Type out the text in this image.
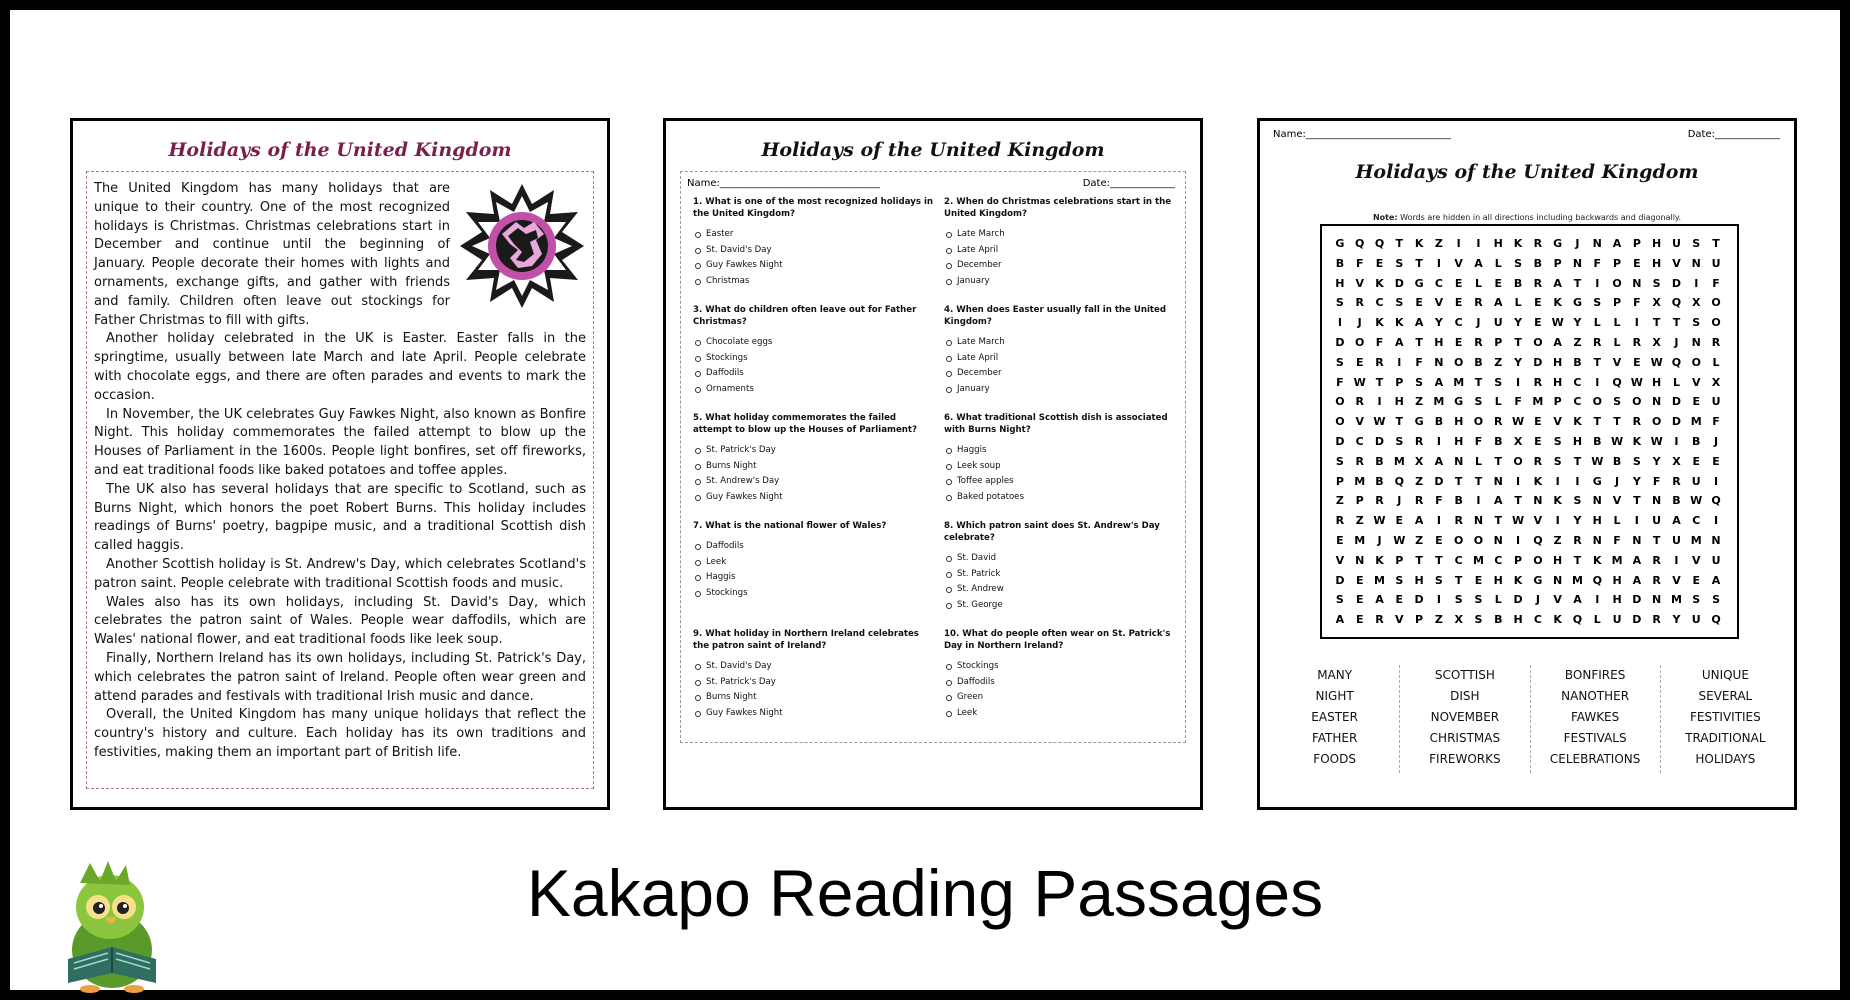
Holidays of the United Kingdom

The United Kingdom has many holidays that are unique to their country. One of the most recognized holidays is Christmas. Christmas celebrations start in December and continue until the beginning of January. People decorate their homes with lights and ornaments, exchange gifts, and gather with friends and family. Children often leave out stockings for Father Christmas to fill with gifts.

Another holiday celebrated in the UK is Easter. Easter falls in the springtime, usually between late March and late April. People celebrate with chocolate eggs, and there are often parades and events to mark the occasion.

In November, the UK celebrates Guy Fawkes Night, also known as Bonfire Night. This holiday commemorates the failed attempt to blow up the Houses of Parliament in the 1600s. People light bonfires, set off fireworks, and eat traditional foods like baked potatoes and toffee apples.

The UK also has several holidays that are specific to Scotland, such as Burns Night, which honors the poet Robert Burns. This holiday includes readings of Burns' poetry, bagpipe music, and a traditional Scottish dish called haggis.

Another Scottish holiday is St. Andrew's Day, which celebrates Scotland's patron saint. People celebrate with traditional Scottish foods and music.

Wales also has its own holidays, including St. David's Day, which celebrates the patron saint of Wales. People wear daffodils, which are Wales' national flower, and eat traditional foods like leek soup.

Finally, Northern Ireland has its own holidays, including St. Patrick's Day, which celebrates the patron saint of Ireland. People often wear green and attend parades and festivals with traditional Irish music and dance.

Overall, the United Kingdom has many unique holidays that reflect the country's history and culture. Each holiday has its own traditions and festivities, making them an important part of British life.

Holidays of the United Kingdom
Name:________________________________	Date:_____________
1. What is one of the most recognized holidays in the United Kingdom?
Easter
St. David's Day
Guy Fawkes Night
Christmas
2. When do Christmas celebrations start in the United Kingdom?
Late March
Late April
December
January
3. What do children often leave out for Father Christmas?
Chocolate eggs
Stockings
Daffodils
Ornaments
4. When does Easter usually fall in the United Kingdom?
Late March
Late April
December
January
5. What holiday commemorates the failed attempt to blow up the Houses of Parliament?
St. Patrick's Day
Burns Night
St. Andrew's Day
Guy Fawkes Night
6. What traditional Scottish dish is associated with Burns Night?
Haggis
Leek soup
Toffee apples
Baked potatoes
7. What is the national flower of Wales?
Daffodils
Leek
Haggis
Stockings
8. Which patron saint does St. Andrew's Day celebrate?
St. David
St. Patrick
St. Andrew
St. George
9. What holiday in Northern Ireland celebrates the patron saint of Ireland?
St. David's Day
St. Patrick's Day
Burns Night
Guy Fawkes Night
10. What do people often wear on St. Patrick's Day in Northern Ireland?
Stockings
Daffodils
Green
Leek
Name:_____________________________	Date:_____________
Holidays of the United Kingdom
Note: Words are hidden in all directions including backwards and diagonally.
G Q Q	T	K	Z	I	I	H K	R	G	J	N A	P	H U	S	T
B	F	E	S	T	I	V	A	L	S	B	P	N	F	P	E	H V N U
H V	K D G	C	E	L	E	B	R	A	T	I	O N	S	D	I	F
S	R	C	S	E	V	E	R	A	L	E	K	G	S	P	F	X Q X O
I	J	K	K	A	Y	C	J	U	Y	E W Y	L	L	I	T	T	S	O
D O	F	A	T	H	E	R	P	T	O A	Z	R	L	R	X	J	N R
S	E	R	I	F	N O B	Z	Y	D H	B	T	V	E W Q O	L
F W T	P	S	A M T	S	I	R H	C	I	Q W H	L	V	X
O R	I	H	Z M G	S	L	F M P	C	O	S	O N D	E	U
O V W T	G	B H O R W E	V	K	T	T	R O D M F
D	C	D	S	R	I	H	F	B	X	E	S	H	B W K W	I	B	J
S	R	B M X	A N	L	T	O R	S	T W B	S	Y	X	E	E
P M B Q	Z	D	T	T	N	I	K	I	I	G	J	Y	F	R	U	I
Z	P	R	J	R	F	B	I	A	T	N K	S	N V	T	N	B W Q
R	Z W E	A	I	R N	T W V	I	Y	H	L	I	U	A	C	I
E M	J	W Z	E	O O N	I	Q	Z	R N	F	N	T	U M N
V N K	P	T	T	C M C	P	O H	T	K M A	R	I	V	U
D	E M S	H	S	T	E	H K	G N M Q H A	R	V	E	A
S	E	A	E	D	I	S	S	L	D	J	V	A	I	H D N M S	S
A	E	R	V	P	Z	X	S	B H	C	K Q	L	U D R	Y	U Q
MANY
NIGHT
EASTER
FATHER
FOODS
SCOTTISH
DISH
NOVEMBER
CHRISTMAS
FIREWORKS
BONFIRES
NANOTHER
FAWKES
FESTIVALS
CELEBRATIONS
UNIQUE
SEVERAL
FESTIVITIES
TRADITIONAL
HOLIDAYS
Kakapo Reading Passages
